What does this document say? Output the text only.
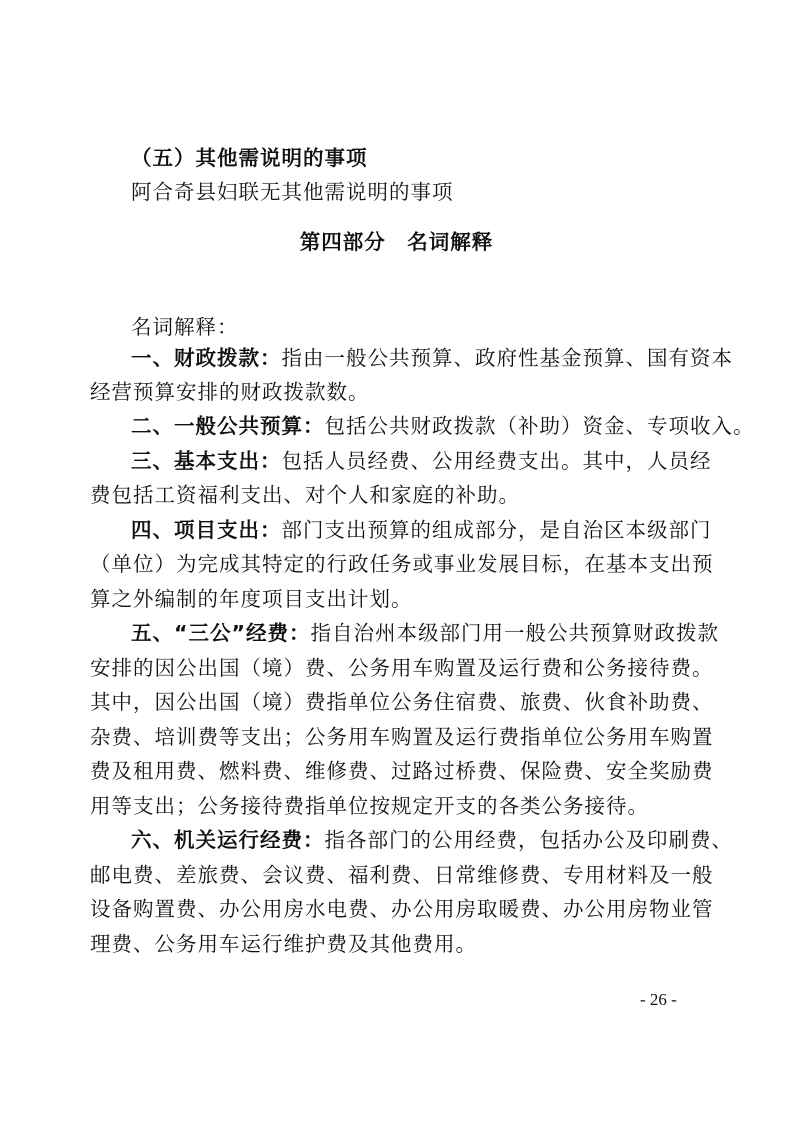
（五）其他需说明的事项
阿合奇县妇联无其他需说明的事项
第四部分　名词解释
名词解释：
一、财政拨款：指由一般公共预算、政府性基金预算、国有资本
经营预算安排的财政拨款数。
二、一般公共预算：包括公共财政拨款（补助）资金、专项收入。
三、基本支出：包括人员经费、公用经费支出。其中，人员经
费包括工资福利支出、对个人和家庭的补助。
四、项目支出：部门支出预算的组成部分，是自治区本级部门
（单位）为完成其特定的行政任务或事业发展目标，在基本支出预
算之外编制的年度项目支出计划。
五、“三公”经费：指自治州本级部门用一般公共预算财政拨款
安排的因公出国（境）费、公务用车购置及运行费和公务接待费。
其中，因公出国（境）费指单位公务住宿费、旅费、伙食补助费、
杂费、培训费等支出；公务用车购置及运行费指单位公务用车购置
费及租用费、燃料费、维修费、过路过桥费、保险费、安全奖励费
用等支出；公务接待费指单位按规定开支的各类公务接待。
六、机关运行经费：指各部门的公用经费，包括办公及印刷费、
邮电费、差旅费、会议费、福利费、日常维修费、专用材料及一般
设备购置费、办公用房水电费、办公用房取暖费、办公用房物业管
理费、公务用车运行维护费及其他费用。
- 26 -
